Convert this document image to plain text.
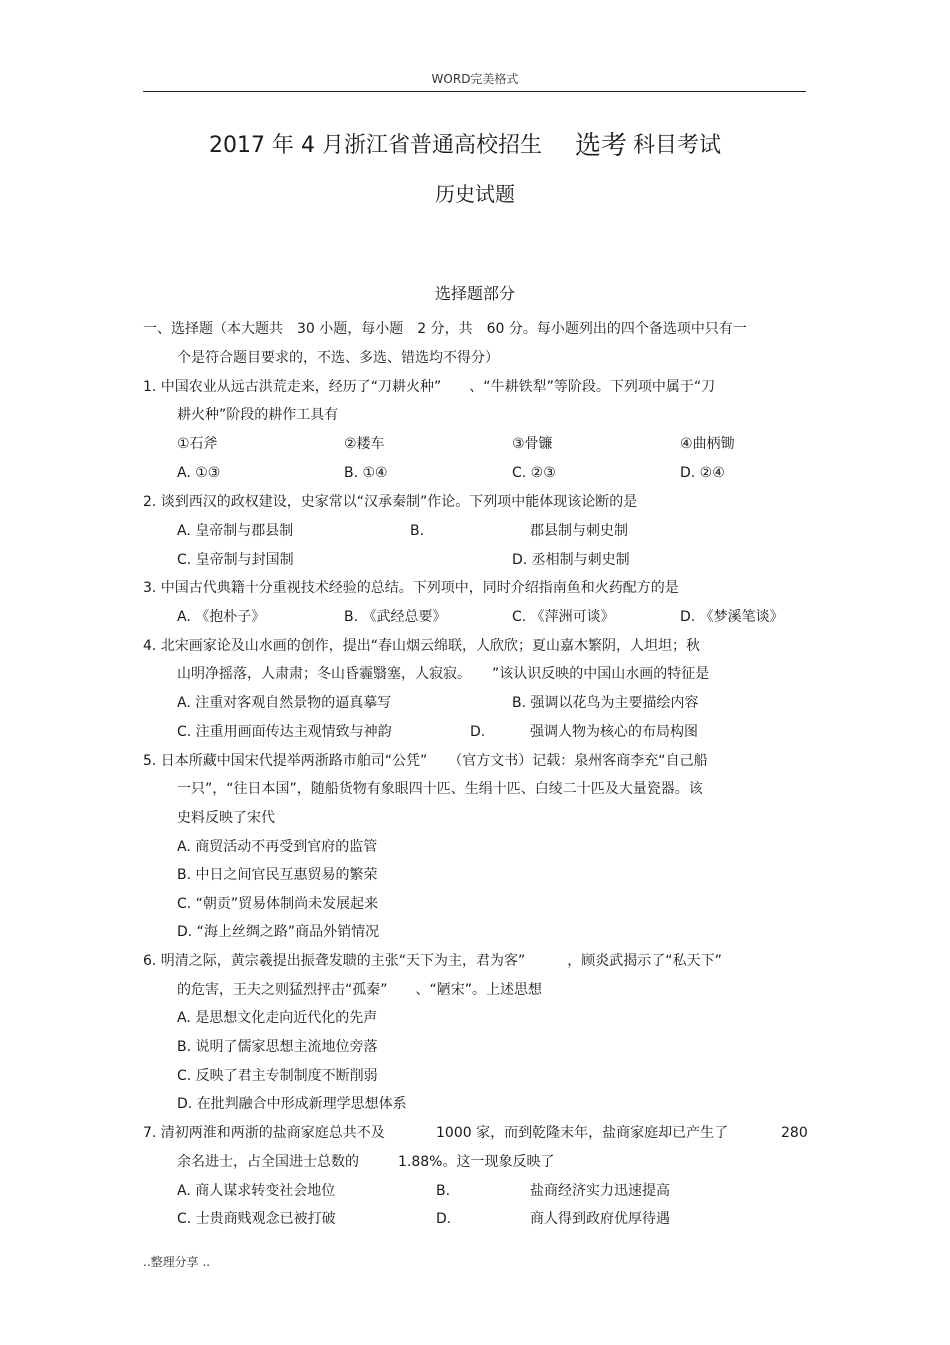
WORD完美格式
2017 年 4 月浙江省普通高校招生 选考 科目考试
历史试题
选择题部分
一、选择题（本大题共　30 小题，每小题　2 分，共　60 分。每小题列出的四个备选项中只有一
个是符合题目要求的，不选、多选、错选均不得分）
1. 中国农业从远古洪荒走来，经历了“刀耕火种”　　、“牛耕铁犁”等阶段。下列项中属于“刀
耕火种”阶段的耕作工具有
①石斧	②耧车	③骨镰	④曲柄锄
A. ①③	B. ①④	C. ②③	D. ②④
2. 谈到西汉的政权建设，史家常以“汉承秦制”作论。下列项中能体现该论断的是
A. 皇帝制与郡县制	B.	郡县制与刺史制
C. 皇帝制与封国制	D. 丞相制与刺史制
3. 中国古代典籍十分重视技术经验的总结。下列项中，同时介绍指南鱼和火药配方的是
A. 《抱朴子》	B. 《武经总要》	C. 《萍洲可谈》	D. 《梦溪笔谈》
4. 北宋画家论及山水画的创作，提出“春山烟云绵联，人欣欣；夏山嘉木繁阴，人坦坦；秋
山明净摇落，人肃肃；冬山昏霾翳塞，人寂寂。　　”该认识反映的中国山水画的特征是
A. 注重对客观自然景物的逼真摹写	B. 强调以花鸟为主要描绘内容
C. 注重用画面传达主观情致与神韵	D.	强调人物为核心的布局构图
5. 日本所藏中国宋代提举两浙路市舶司“公凭”　　（官方文书）记载：泉州客商李充“自己船
一只”，“往日本国”，随船货物有象眼四十匹、生绢十匹、白绫二十匹及大量瓷器。该
史料反映了宋代
A. 商贸活动不再受到官府的监管
B. 中日之间官民互惠贸易的繁荣
C. “朝贡”贸易体制尚未发展起来
D. “海上丝绸之路”商品外销情况
6. 明清之际，黄宗羲提出振聋发聩的主张“天下为主，君为客”　　　，顾炎武揭示了“私天下”
的危害，王夫之则猛烈抨击“孤秦”　　、“陋宋”。上述思想
A. 是思想文化走向近代化的先声
B. 说明了儒家思想主流地位旁落
C. 反映了君主专制制度不断削弱
D. 在批判融合中形成新理学思想体系
7. 清初两淮和两浙的盐商家庭总共不及	1000 家，而到乾隆末年，盐商家庭却已产生了	280
余名进士，占全国进士总数的	1.88%。这一现象反映了
A. 商人谋求转变社会地位	B.	盐商经济实力迅速提高
C. 士贵商贱观念已被打破	D.	商人得到政府优厚待遇
..整理分享 ..
